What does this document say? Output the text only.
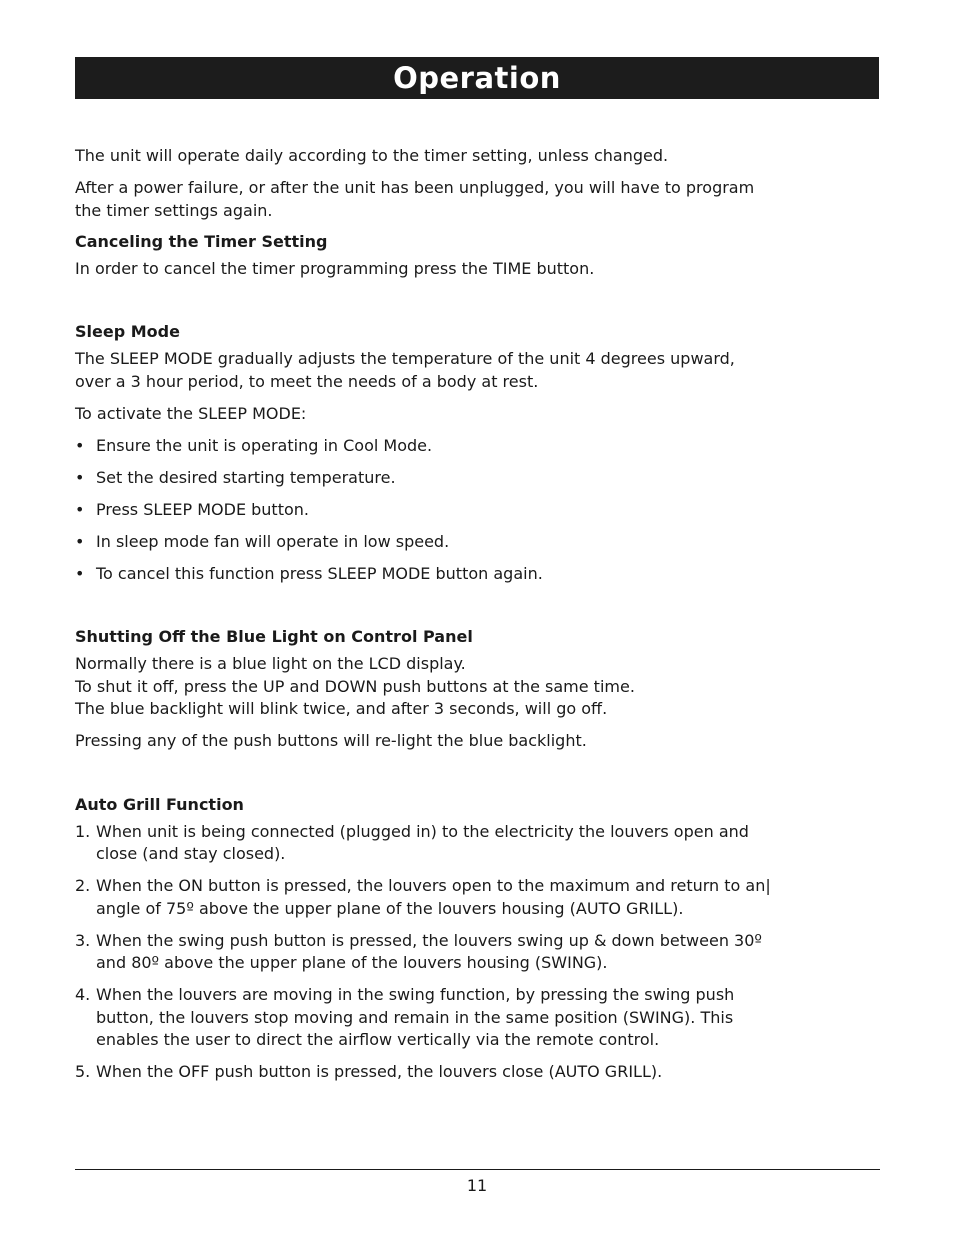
Operation

The unit will operate daily according to the timer setting, unless changed.

After a power failure, or after the unit has been unplugged, you will have to program the timer settings again.

Canceling the Timer Setting

In order to cancel the timer programming press the TIME button.

Sleep Mode

The SLEEP MODE gradually adjusts the temperature of the unit 4 degrees upward,
over a 3 hour period, to meet the needs of a body at rest.

To activate the SLEEP MODE:

• Ensure the unit is operating in Cool Mode.
• Set the desired starting temperature.
• Press SLEEP MODE button.
• In sleep mode fan will operate in low speed.
• To cancel this function press SLEEP MODE button again.
Shutting Off the Blue Light on Control Panel

Normally there is a blue light on the LCD display.
To shut it off, press the UP and DOWN push buttons at the same time.
The blue backlight will blink twice, and after 3 seconds, will go off.

Pressing any of the push buttons will re-light the blue backlight.

Auto Grill Function
1. When unit is being connected (plugged in) to the electricity the louvers open and close (and stay closed).
2. When the ON button is pressed, the louvers open to the maximum and return to an| angle of 75º above the upper plane of the louvers housing (AUTO GRILL).
3. When the swing push button is pressed, the louvers swing up & down between 30º and 80º above the upper plane of the louvers housing (SWING).
4. When the louvers are moving in the swing function, by pressing the swing push button, the louvers stop moving and remain in the same position (SWING). This enables the user to direct the airflow vertically via the remote control.
5. When the OFF push button is pressed, the louvers close (AUTO GRILL).
11
